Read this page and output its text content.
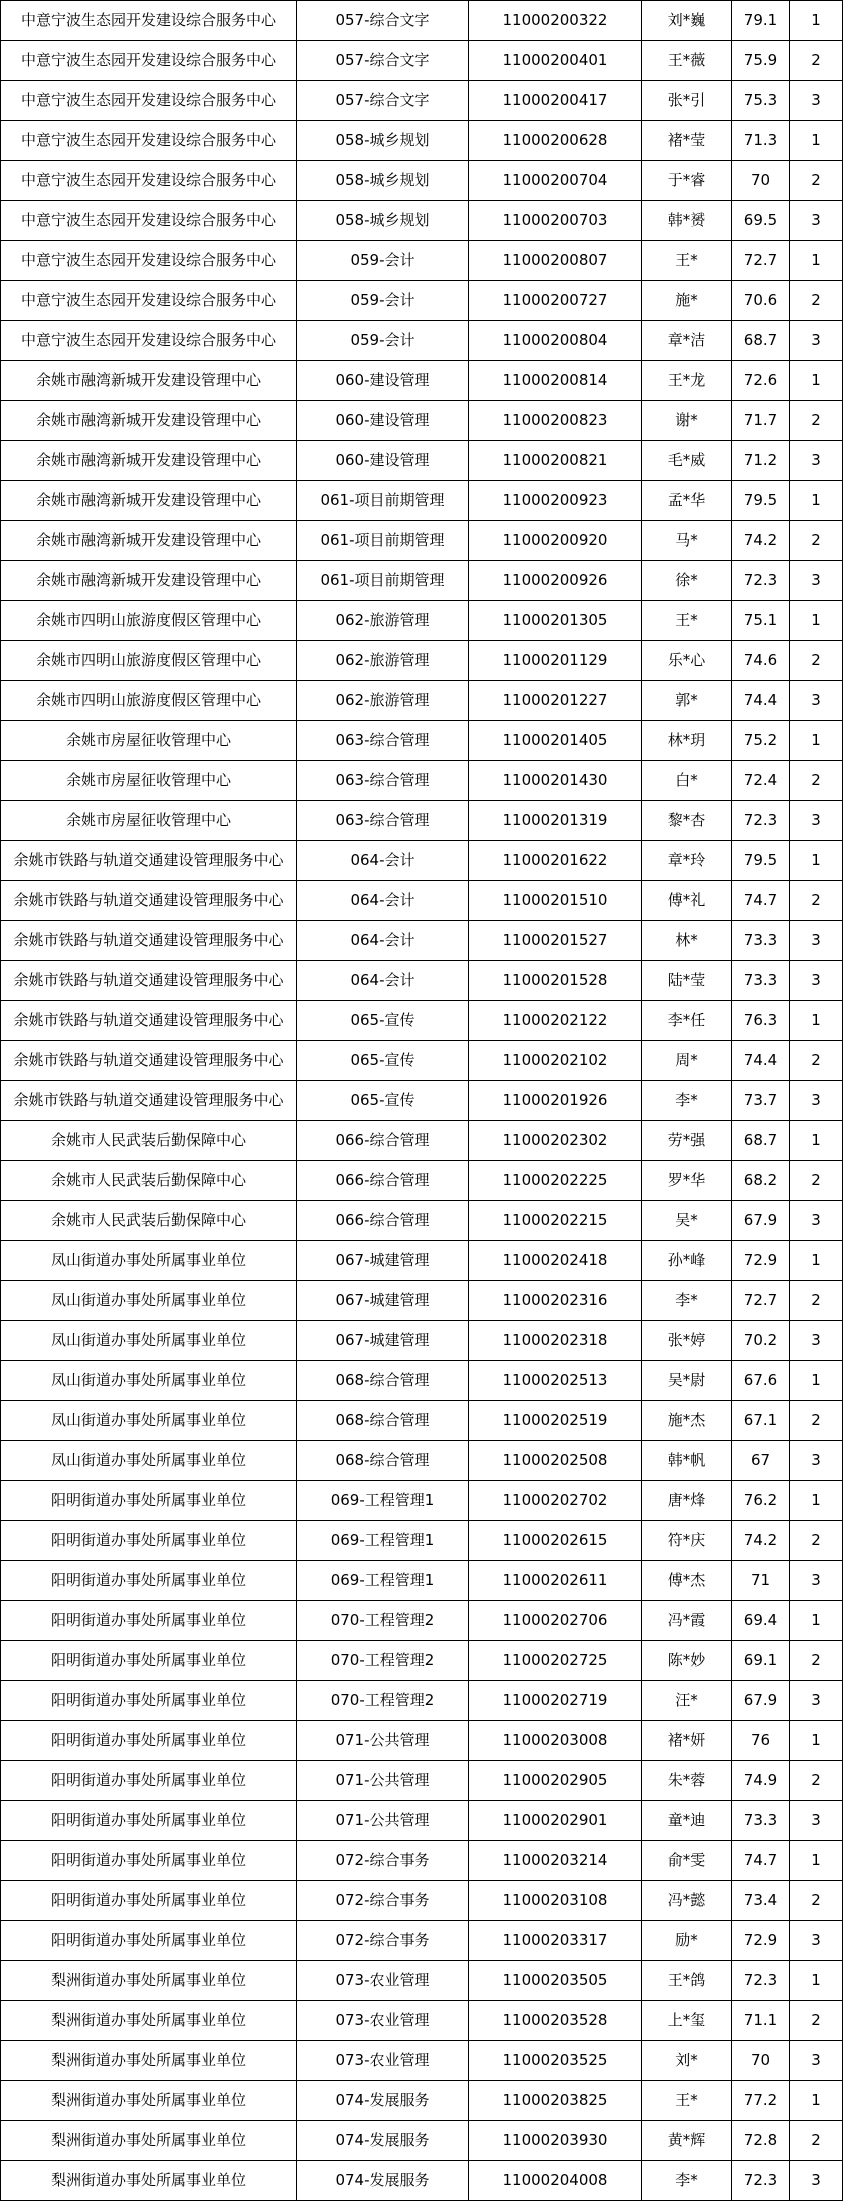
中意宁波生态园开发建设综合服务中心	057-综合文字	11000200322	刘*巍	79.1	1
中意宁波生态园开发建设综合服务中心	057-综合文字	11000200401	王*薇	75.9	2
中意宁波生态园开发建设综合服务中心	057-综合文字	11000200417	张*引	75.3	3
中意宁波生态园开发建设综合服务中心	058-城乡规划	11000200628	褚*莹	71.3	1
中意宁波生态园开发建设综合服务中心	058-城乡规划	11000200704	于*睿	70	2
中意宁波生态园开发建设综合服务中心	058-城乡规划	11000200703	韩*赟	69.5	3
中意宁波生态园开发建设综合服务中心	059-会计	11000200807	王*	72.7	1
中意宁波生态园开发建设综合服务中心	059-会计	11000200727	施*	70.6	2
中意宁波生态园开发建设综合服务中心	059-会计	11000200804	章*洁	68.7	3
余姚市融湾新城开发建设管理中心	060-建设管理	11000200814	王*龙	72.6	1
余姚市融湾新城开发建设管理中心	060-建设管理	11000200823	谢*	71.7	2
余姚市融湾新城开发建设管理中心	060-建设管理	11000200821	毛*威	71.2	3
余姚市融湾新城开发建设管理中心	061-项目前期管理	11000200923	孟*华	79.5	1
余姚市融湾新城开发建设管理中心	061-项目前期管理	11000200920	马*	74.2	2
余姚市融湾新城开发建设管理中心	061-项目前期管理	11000200926	徐*	72.3	3
余姚市四明山旅游度假区管理中心	062-旅游管理	11000201305	王*	75.1	1
余姚市四明山旅游度假区管理中心	062-旅游管理	11000201129	乐*心	74.6	2
余姚市四明山旅游度假区管理中心	062-旅游管理	11000201227	郭*	74.4	3
余姚市房屋征收管理中心	063-综合管理	11000201405	林*玥	75.2	1
余姚市房屋征收管理中心	063-综合管理	11000201430	白*	72.4	2
余姚市房屋征收管理中心	063-综合管理	11000201319	黎*杏	72.3	3
余姚市铁路与轨道交通建设管理服务中心	064-会计	11000201622	章*玲	79.5	1
余姚市铁路与轨道交通建设管理服务中心	064-会计	11000201510	傅*礼	74.7	2
余姚市铁路与轨道交通建设管理服务中心	064-会计	11000201527	林*	73.3	3
余姚市铁路与轨道交通建设管理服务中心	064-会计	11000201528	陆*莹	73.3	3
余姚市铁路与轨道交通建设管理服务中心	065-宣传	11000202122	李*任	76.3	1
余姚市铁路与轨道交通建设管理服务中心	065-宣传	11000202102	周*	74.4	2
余姚市铁路与轨道交通建设管理服务中心	065-宣传	11000201926	李*	73.7	3
余姚市人民武装后勤保障中心	066-综合管理	11000202302	劳*强	68.7	1
余姚市人民武装后勤保障中心	066-综合管理	11000202225	罗*华	68.2	2
余姚市人民武装后勤保障中心	066-综合管理	11000202215	吴*	67.9	3
凤山街道办事处所属事业单位	067-城建管理	11000202418	孙*峰	72.9	1
凤山街道办事处所属事业单位	067-城建管理	11000202316	李*	72.7	2
凤山街道办事处所属事业单位	067-城建管理	11000202318	张*婷	70.2	3
凤山街道办事处所属事业单位	068-综合管理	11000202513	吴*尉	67.6	1
凤山街道办事处所属事业单位	068-综合管理	11000202519	施*杰	67.1	2
凤山街道办事处所属事业单位	068-综合管理	11000202508	韩*帆	67	3
阳明街道办事处所属事业单位	069-工程管理1	11000202702	唐*烽	76.2	1
阳明街道办事处所属事业单位	069-工程管理1	11000202615	符*庆	74.2	2
阳明街道办事处所属事业单位	069-工程管理1	11000202611	傅*杰	71	3
阳明街道办事处所属事业单位	070-工程管理2	11000202706	冯*霞	69.4	1
阳明街道办事处所属事业单位	070-工程管理2	11000202725	陈*妙	69.1	2
阳明街道办事处所属事业单位	070-工程管理2	11000202719	汪*	67.9	3
阳明街道办事处所属事业单位	071-公共管理	11000203008	褚*妍	76	1
阳明街道办事处所属事业单位	071-公共管理	11000202905	朱*蓉	74.9	2
阳明街道办事处所属事业单位	071-公共管理	11000202901	童*迪	73.3	3
阳明街道办事处所属事业单位	072-综合事务	11000203214	俞*雯	74.7	1
阳明街道办事处所属事业单位	072-综合事务	11000203108	冯*懿	73.4	2
阳明街道办事处所属事业单位	072-综合事务	11000203317	励*	72.9	3
梨洲街道办事处所属事业单位	073-农业管理	11000203505	王*鸽	72.3	1
梨洲街道办事处所属事业单位	073-农业管理	11000203528	上*玺	71.1	2
梨洲街道办事处所属事业单位	073-农业管理	11000203525	刘*	70	3
梨洲街道办事处所属事业单位	074-发展服务	11000203825	王*	77.2	1
梨洲街道办事处所属事业单位	074-发展服务	11000203930	黄*辉	72.8	2
梨洲街道办事处所属事业单位	074-发展服务	11000204008	李*	72.3	3
